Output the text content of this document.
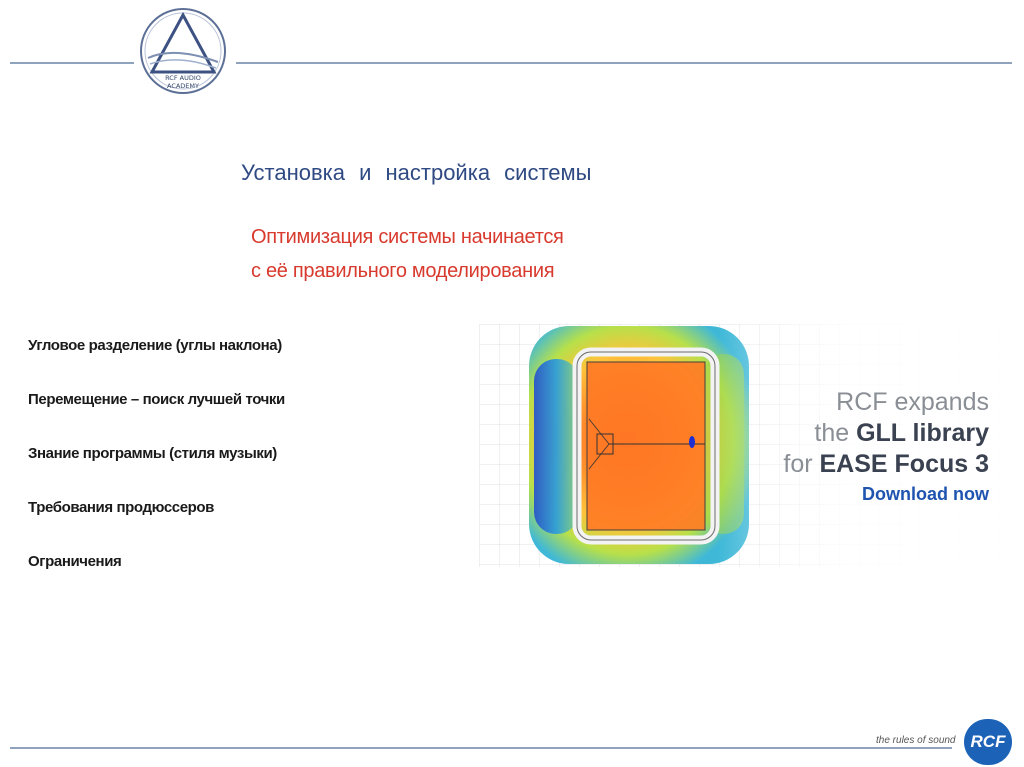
RCF AUDIO
ACADEMY
Установка и настройка системы
Оптимизация системы начинается
с её правильного моделирования
Угловое разделение (углы наклона)
Перемещение – поиск лучшей точки
Знание программы (стиля музыки)
Требования продюссеров
Ограничения
RCF expands
the GLL library
for EASE Focus 3
Download now
the rules of sound RCF
